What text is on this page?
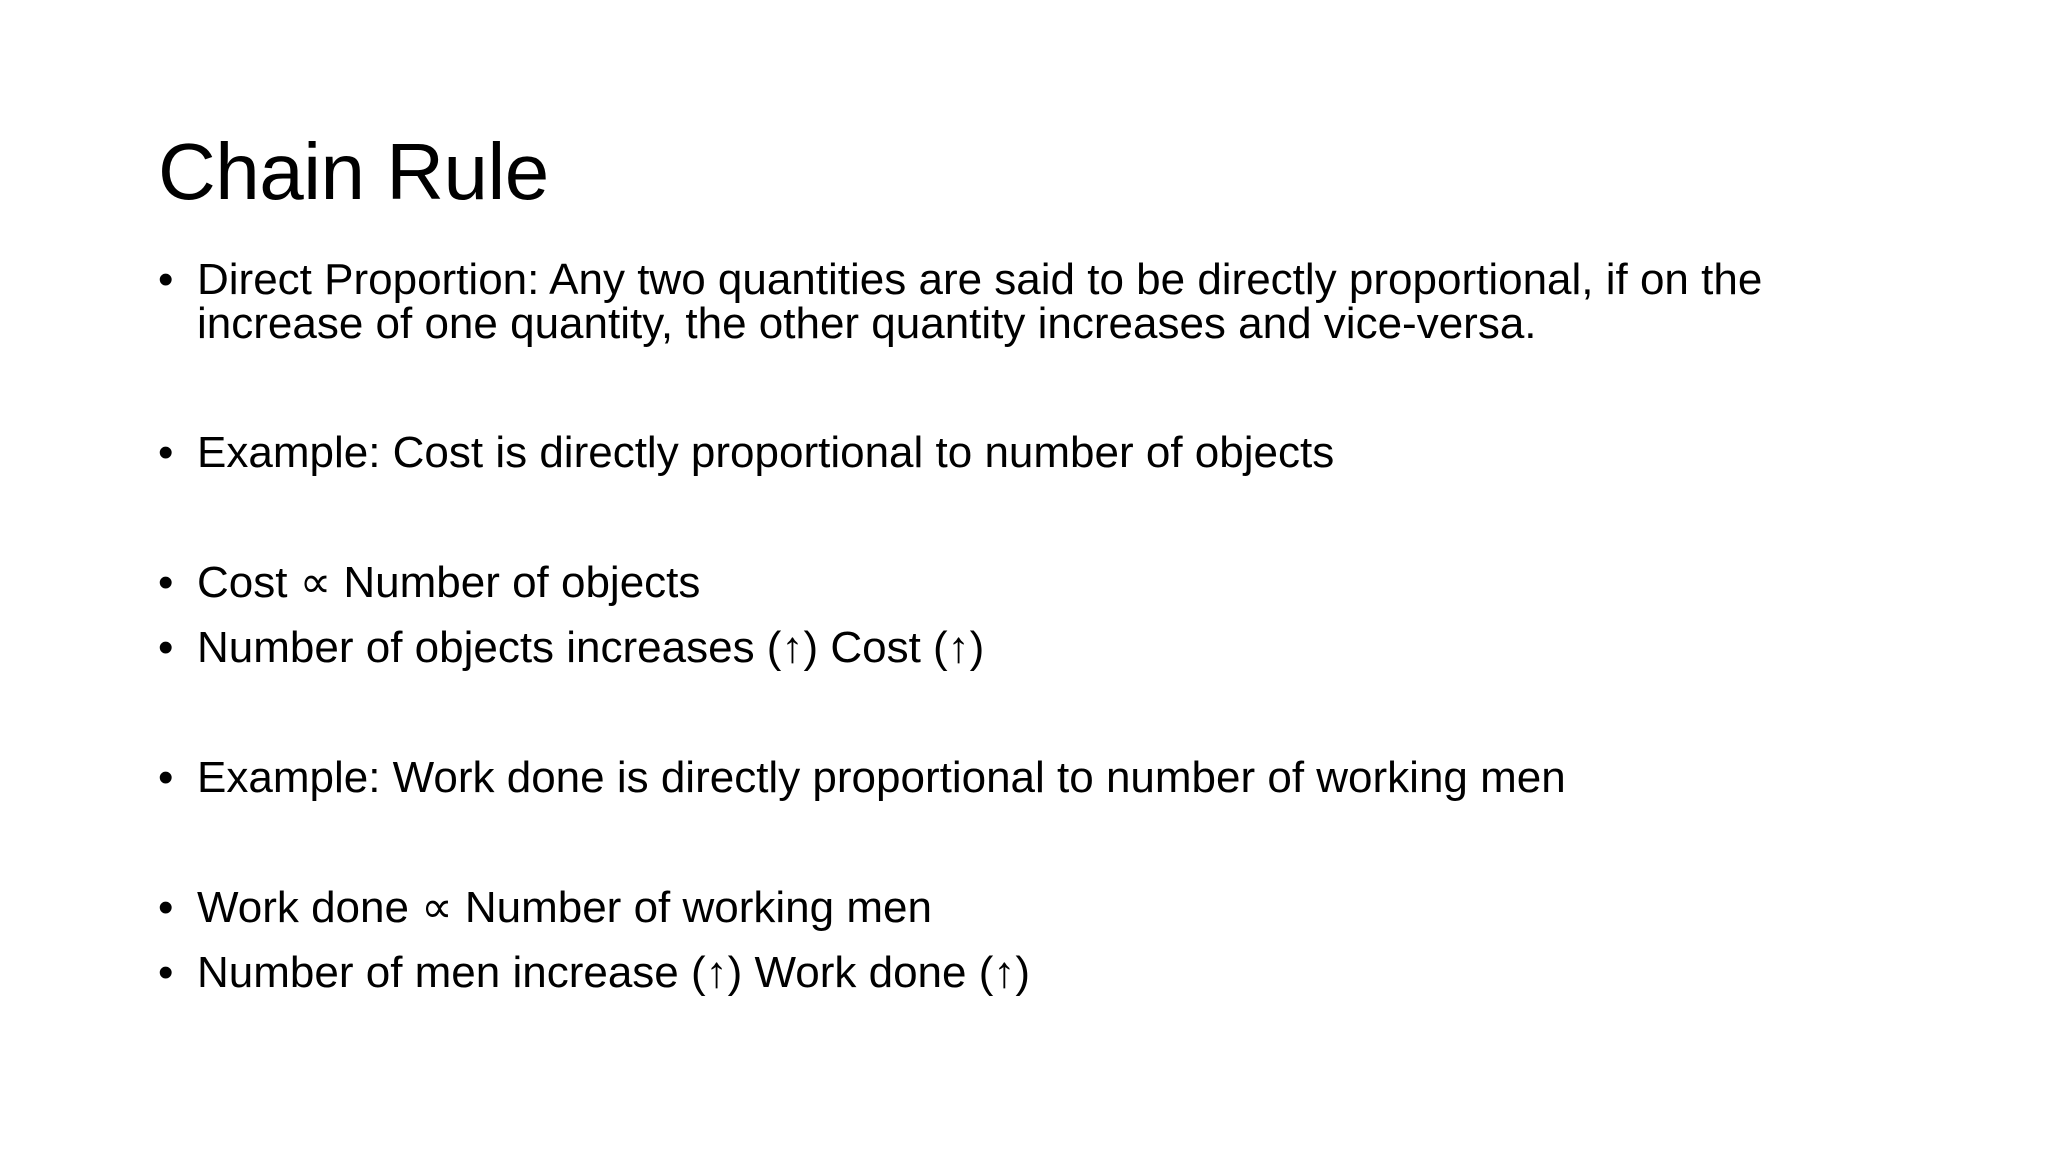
Chain Rule
• Direct Proportion: Any two quantities are said to be directly proportional, if on the increase of one quantity, the other quantity increases and vice-versa.
• Example: Cost is directly proportional to number of objects
• Cost ∝ Number of objects
• Number of objects increases (↑) Cost (↑)
• Example: Work done is directly proportional to number of working men
• Work done ∝ Number of working men
• Number of men increase (↑) Work done (↑)
